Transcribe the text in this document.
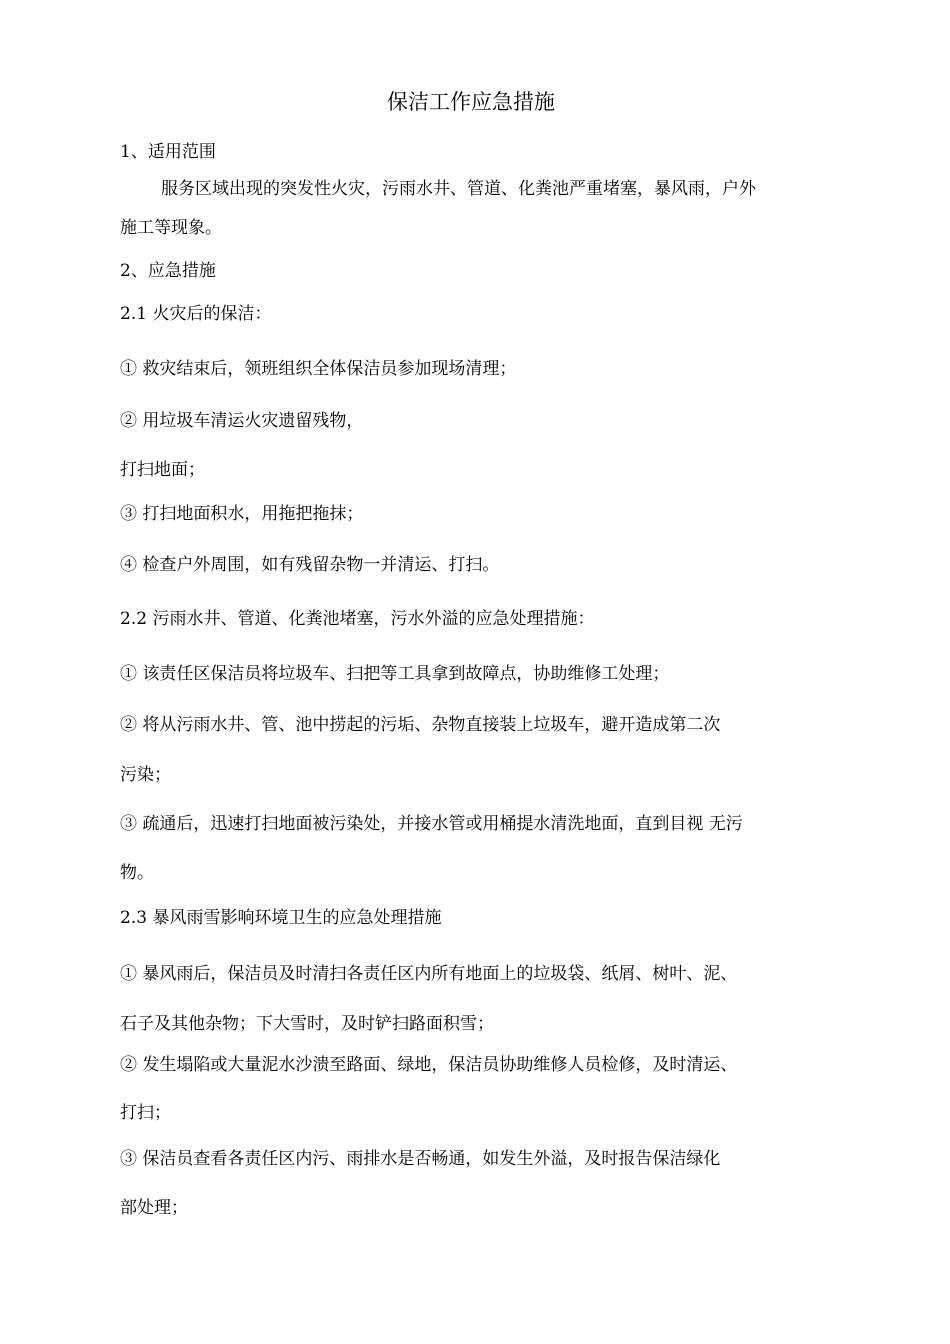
保洁工作应急措施

1、适用范围

服务区域出现的突发性火灾，污雨水井、管道、化粪池严重堵塞，暴风雨，户外

施工等现象。

2、应急措施

2.1 火灾后的保洁：

① 救灾结束后，领班组织全体保洁员参加现场清理；

② 用垃圾车清运火灾遗留残物，

打扫地面；

③ 打扫地面积水，用拖把拖抹；

④ 检查户外周围，如有残留杂物一并清运、打扫。

2.2 污雨水井、管道、化粪池堵塞，污水外溢的应急处理措施：

① 该责任区保洁员将垃圾车、扫把等工具拿到故障点，协助维修工处理；

② 将从污雨水井、管、池中捞起的污垢、杂物直接装上垃圾车，避开造成第二次

污染；

③ 疏通后，迅速打扫地面被污染处，并接水管或用桶提水清洗地面，直到目视 无污

物。

2.3 暴风雨雪影响环境卫生的应急处理措施

① 暴风雨后，保洁员及时清扫各责任区内所有地面上的垃圾袋、纸屑、树叶、泥、

石子及其他杂物；下大雪时，及时铲扫路面积雪；

② 发生塌陷或大量泥水沙溃至路面、绿地，保洁员协助维修人员检修，及时清运、

打扫；

③ 保洁员查看各责任区内污、雨排水是否畅通，如发生外溢，及时报告保洁绿化

部处理；
